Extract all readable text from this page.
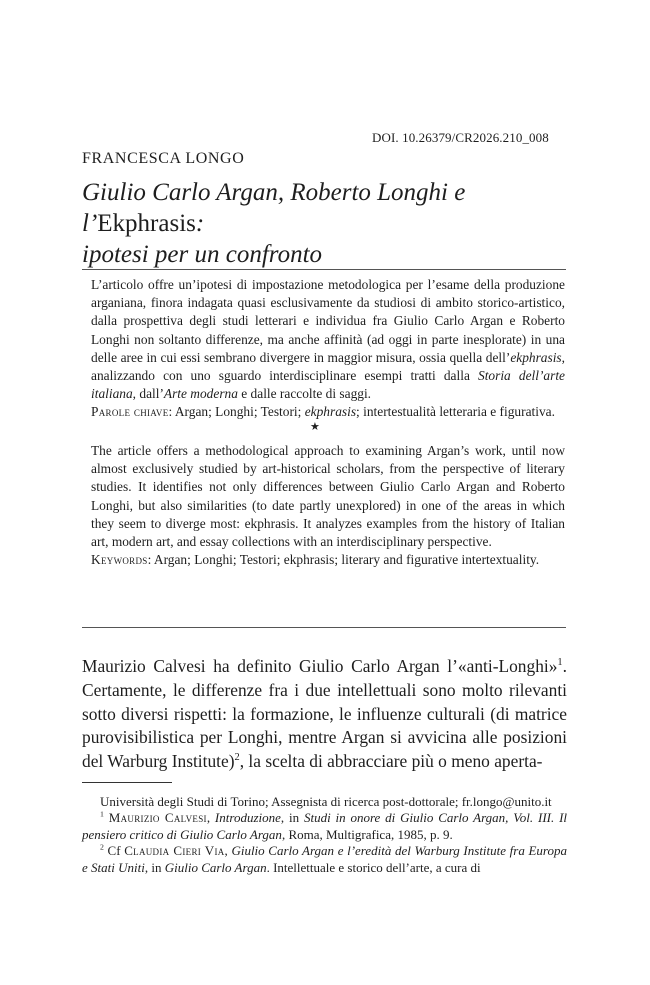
DOI. 10.26379/CR2026.210_008
FRANCESCA LONGO
Giulio Carlo Argan, Roberto Longhi e l’Ekphrasis:
ipotesi per un confronto

L’articolo offre un’ipotesi di impostazione metodologica per l’esame della produzione arganiana, finora indagata quasi esclusivamente da studiosi di ambito storico-artistico, dalla prospettiva degli studi letterari e individua fra Giulio Carlo Argan e Roberto Longhi non soltanto differenze, ma anche affinità (ad oggi in parte inesplorate) in una delle aree in cui essi sembrano divergere in maggior misura, ossia quella dell’ekphrasis, analizzando con uno sguardo interdisciplinare esempi tratti dalla Storia dell’arte italiana, dall’Arte moderna e dalle raccolte di saggi.

Parole chiave: Argan; Longhi; Testori; ekphrasis; intertestualità letteraria e figurativa.

★

The article offers a methodological approach to examining Argan’s work, until now almost exclusively studied by art-historical scholars, from the perspective of literary studies. It identifies not only differences between Giulio Carlo Argan and Roberto Longhi, but also similarities (to date partly unexplored) in one of the areas in which they seem to diverge most: ekphrasis. It analyzes examples from the history of Italian art, modern art, and essay collections with an interdisciplinary perspective.

Keywords: Argan; Longhi; Testori; ekphrasis; literary and figurative intertextuality.

Maurizio Calvesi ha definito Giulio Carlo Argan l’«anti-Longhi»$^1$. Certamente, le differenze fra i due intellettuali sono molto rilevanti sotto diversi rispetti: la formazione, le influenze culturali (di matrice purovisibilistica per Longhi, mentre Argan si avvicina alle posizioni del Warburg Institute)$^2$, la scelta di abbracciare più o meno aperta-

Università degli Studi di Torino; Assegnista di ricerca post-dottorale; fr.longo@unito.it

$^1$ Maurizio Calvesi, Introduzione, in Studi in onore di Giulio Carlo Argan, Vol. III. Il pensiero critico di Giulio Carlo Argan, Roma, Multigrafica, 1985, p. 9.

$^2$ Cf Claudia Cieri Via, Giulio Carlo Argan e l’eredità del Warburg Institute fra Europa e Stati Uniti, in Giulio Carlo Argan. Intellettuale e storico dell’arte, a cura di
